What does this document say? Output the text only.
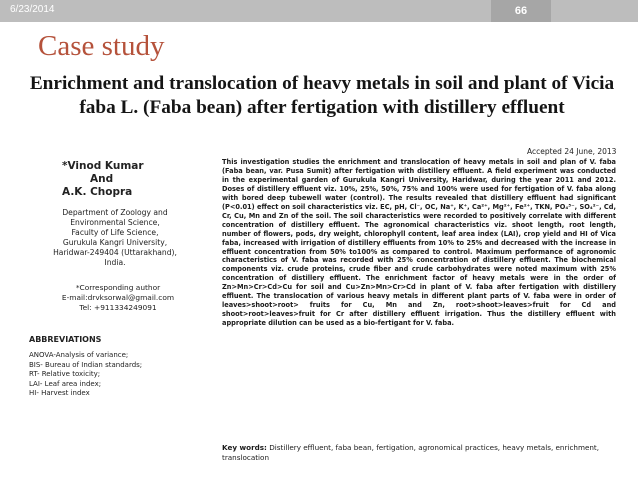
6/23/2014	66
Case study
Enrichment and translocation of heavy metals in soil and plant of Vicia faba L. (Faba bean) after fertigation with distillery effluent
Accepted 24 June, 2013
*Vinod Kumar
And
A.K. Chopra
Department of Zoology and
Environmental Science,
Faculty of Life Science,
Gurukula Kangri University,
Haridwar-249404 (Uttarakhand),
India.
*Corresponding author
E-mail:drvksorwal@gmail.com
Tel: +911334249091
ABBREVIATIONS
ANOVA-Analysis of variance;
BIS- Bureau of Indian standards;
RT- Relative toxicity;
LAI- Leaf area index;
HI- Harvest index
This investigation studies the enrichment and translocation of heavy metals in soil and plan of V. faba (Faba bean, var. Pusa Sumit) after fertigation with distillery effluent. A field experiment was conducted in the experimental garden of Gurukula Kangri University, Haridwar, during the year 2011 and 2012. Doses of distillery effluent viz. 10%, 25%, 50%, 75% and 100% were used for fertigation of V. faba along with bored deep tubewell water (control). The results revealed that distillery effluent had significant (P<0.01) effect on soil characteristics viz. EC, pH, Cl⁻, OC, Na⁺, K⁺, Ca²⁺, Mg²⁺, Fe²⁺, TKN, PO₄³⁻, SO₄²⁻, Cd, Cr, Cu, Mn and Zn of the soil. The soil characteristics were recorded to positively correlate with different concentration of distillery effluent. The agronomical characteristics viz. shoot length, root length, number of flowers, pods, dry weight, chlorophyll content, leaf area index (LAI), crop yield and HI of Vica faba, increased with irrigation of distillery effluents from 10% to 25% and decreased with the increase in effluent concentration from 50% to100% as compared to control. Maximum performance of agronomic characteristics of V. faba was recorded with 25% concentration of distillery effluent. The biochemical components viz. crude proteins, crude fiber and crude carbohydrates were noted maximum with 25% concentration of distillery effluent. The enrichment factor of heavy metals were in the order of Zn>Mn>Cr>Cd>Cu for soil and Cu>Zn>Mn>Cr>Cd in plant of V. faba after fertigation with distillery effluent. The translocation of various heavy metals in different plant parts of V. faba were in order of leaves>shoot>root> fruits for Cu, Mn and Zn, root>shoot>leaves>fruit for Cd and shoot>root>leaves>fruit for Cr after distillery effluent irrigation. Thus the distillery effluent with appropriate dilution can be used as a bio-fertigant for V. faba.
Key words: Distillery effluent, faba bean, fertigation, agronomical practices, heavy metals, enrichment, translocation
